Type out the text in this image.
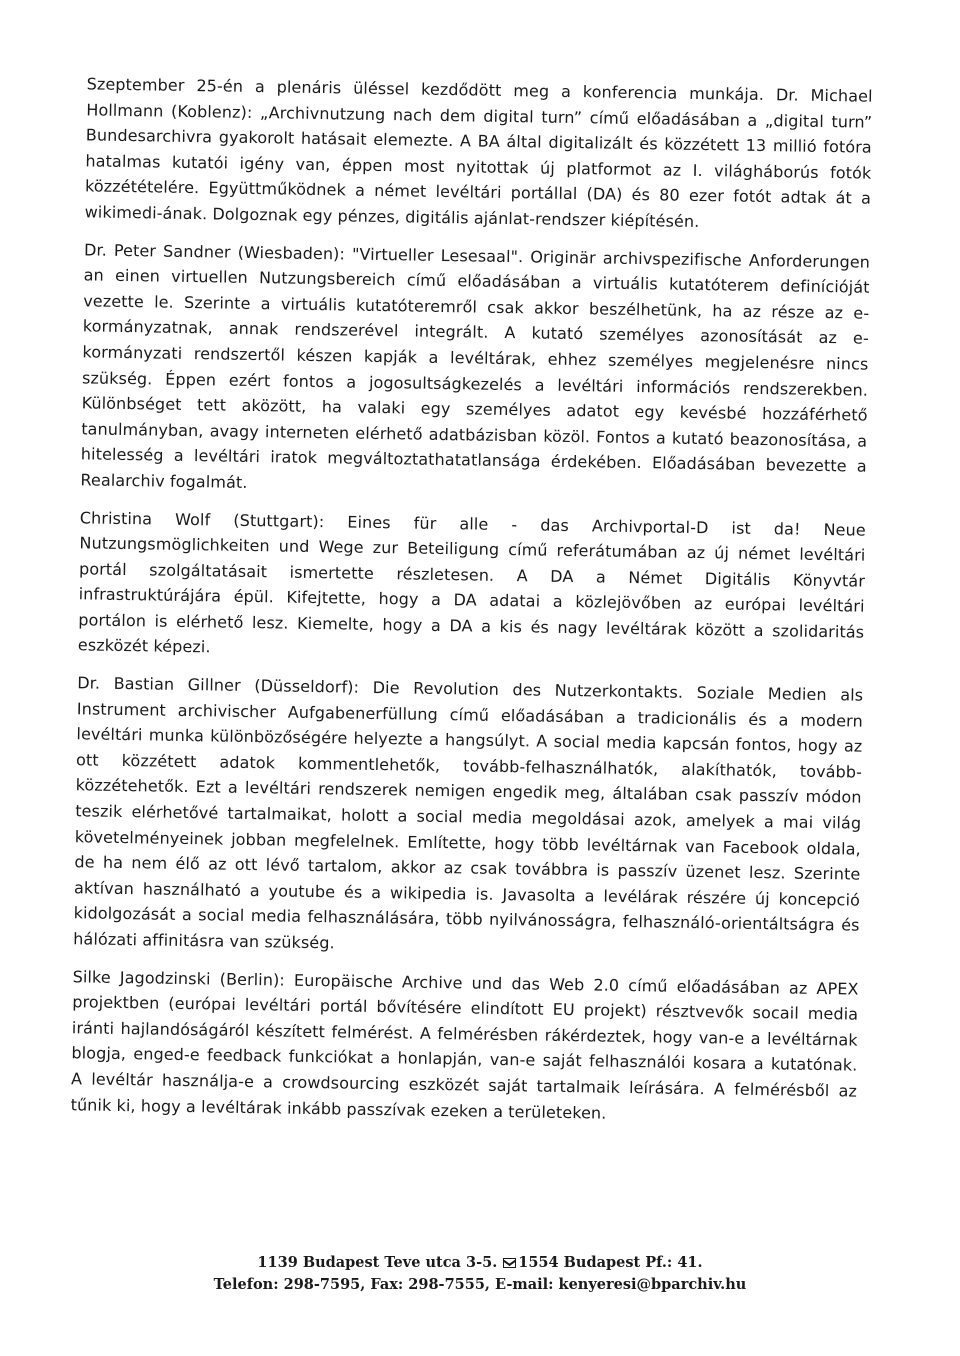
Szeptember 25-én a plenáris üléssel kezdődött meg a konferencia munkája. Dr. Michael
Hollmann (Koblenz): „Archivnutzung nach dem digital turn” című előadásában a „digital turn”
Bundesarchivra gyakorolt hatásait elemezte. A BA által digitalizált és közzétett 13 millió fotóra
hatalmas kutatói igény van, éppen most nyitottak új platformot az I. világháborús fotók
közzétételére. Együttműködnek a német levéltári portállal (DA) és 80 ezer fotót adtak át a
wikimedi-ának. Dolgoznak egy pénzes, digitális ajánlat-rendszer kiépítésén.
Dr. Peter Sandner (Wiesbaden): "Virtueller Lesesaal". Originär archivspezifische Anforderungen
an einen virtuellen Nutzungsbereich című előadásában a virtuális kutatóterem definícióját
vezette le. Szerinte a virtuális kutatóteremről csak akkor beszélhetünk, ha az része az e-
kormányzatnak, annak rendszerével integrált. A kutató személyes azonosítását az e-
kormányzati rendszertől készen kapják a levéltárak, ehhez személyes megjelenésre nincs
szükség. Éppen ezért fontos a jogosultságkezelés a levéltári információs rendszerekben.
Különbséget tett aközött, ha valaki egy személyes adatot egy kevésbé hozzáférhető
tanulmányban, avagy interneten elérhető adatbázisban közöl. Fontos a kutató beazonosítása, a
hitelesség a levéltári iratok megváltoztathatatlansága érdekében. Előadásában bevezette a
Realarchiv fogalmát.
Christina Wolf (Stuttgart): Eines für alle - das Archivportal-D ist da! Neue
Nutzungsmöglichkeiten und Wege zur Beteiligung című referátumában az új német levéltári
portál szolgáltatásait ismertette részletesen. A DA a Német Digitális Könyvtár
infrastruktúrájára épül. Kifejtette, hogy a DA adatai a közlejövőben az európai levéltári
portálon is elérhető lesz. Kiemelte, hogy a DA a kis és nagy levéltárak között a szolidaritás
eszközét képezi.
Dr. Bastian Gillner (Düsseldorf): Die Revolution des Nutzerkontakts. Soziale Medien als
Instrument archivischer Aufgabenerfüllung című előadásában a tradicionális és a modern
levéltári munka különbözőségére helyezte a hangsúlyt. A social media kapcsán fontos, hogy az
ott közzétett adatok kommentlehetők, tovább-felhasználhatók, alakíthatók, tovább-
közzétehetők. Ezt a levéltári rendszerek nemigen engedik meg, általában csak passzív módon
teszik elérhetővé tartalmaikat, holott a social media megoldásai azok, amelyek a mai világ
követelményeinek jobban megfelelnek. Említette, hogy több levéltárnak van Facebook oldala,
de ha nem élő az ott lévő tartalom, akkor az csak továbbra is passzív üzenet lesz. Szerinte
aktívan használható a youtube és a wikipedia is. Javasolta a levélárak részére új koncepció
kidolgozását a social media felhasználására, több nyilvánosságra, felhasználó-orientáltságra és
hálózati affinitásra van szükség.
Silke Jagodzinski (Berlin): Europäische Archive und das Web 2.0 című előadásában az APEX
projektben (európai levéltári portál bővítésére elindított EU projekt) résztvevők socail media
iránti hajlandóságáról készített felmérést. A felmérésben rákérdeztek, hogy van-e a levéltárnak
blogja, enged-e feedback funkciókat a honlapján, van-e saját felhasználói kosara a kutatónak.
A levéltár használja-e a crowdsourcing eszközét saját tartalmaik leírására. A felmérésből az
tűnik ki, hogy a levéltárak inkább passzívak ezeken a területeken.
1139 Budapest Teve utca 3-5. 1554 Budapest Pf.: 41.
Telefon: 298-7595, Fax: 298-7555, E-mail: kenyeresi@bparchiv.hu
